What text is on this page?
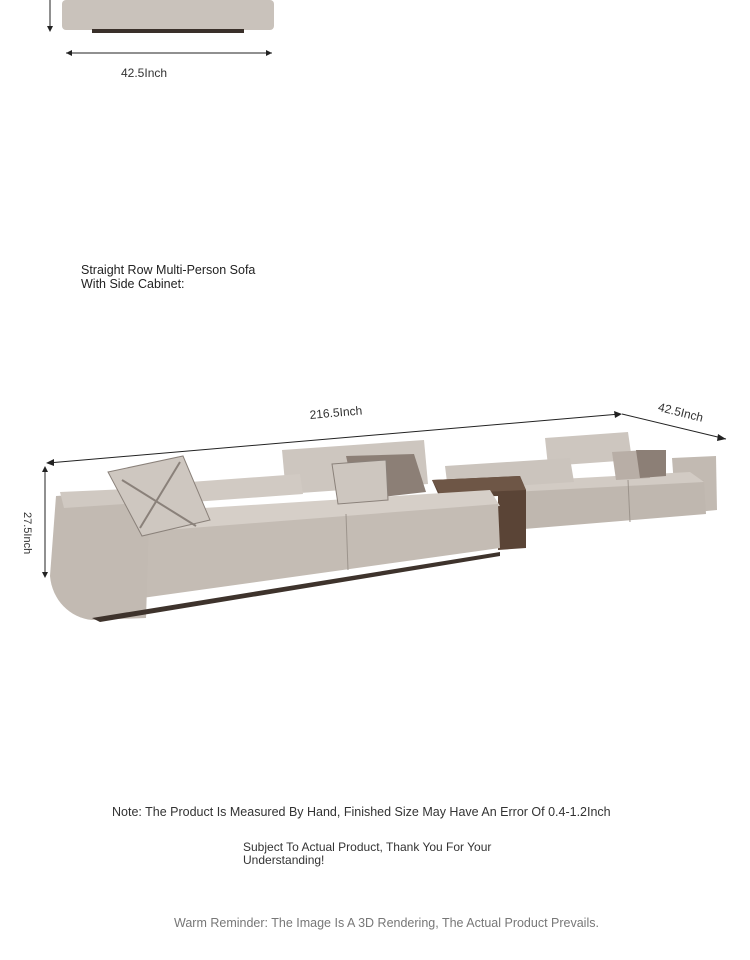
42.5Inch
Straight Row Multi-Person Sofa
With Side Cabinet:
216.5Inch	42.5Inch
27.5Inch
Note: The Product Is Measured By Hand, Finished Size May Have An Error Of 0.4-1.2Inch
Subject To Actual Product, Thank You For Your
Understanding!
Warm Reminder: The Image Is A 3D Rendering, The Actual Product Prevails.
